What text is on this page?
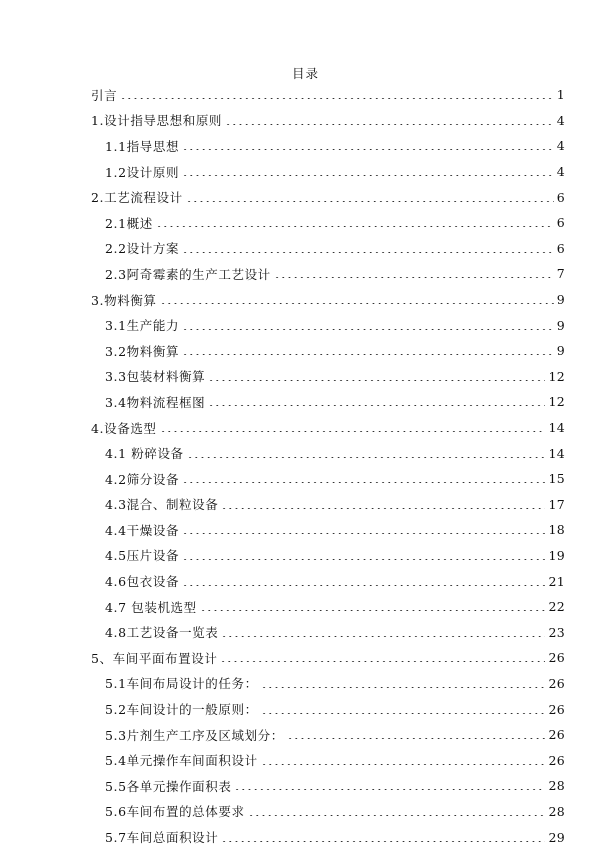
目录
引言	1
1.设计指导思想和原则	4
1.1指导思想	4
1.2设计原则	4
2.工艺流程设计	6
2.1概述	6
2.2设计方案	6
2.3阿奇霉素的生产工艺设计	7
3.物料衡算	9
3.1生产能力	9
3.2物料衡算	9
3.3包装材料衡算	12
3.4物料流程框图	12
4.设备选型	14
4.1 粉碎设备	14
4.2筛分设备	15
4.3混合、制粒设备	17
4.4干燥设备	18
4.5压片设备	19
4.6包衣设备	21
4.7 包装机选型	22
4.8工艺设备一览表	23
5、车间平面布置设计	26
5.1车间布局设计的任务：	26
5.2车间设计的一般原则：	26
5.3片剂生产工序及区域划分：	26
5.4单元操作车间面积设计	26
5.5各单元操作面积表	28
5.6车间布置的总体要求	28
5.7车间总面积设计	29
